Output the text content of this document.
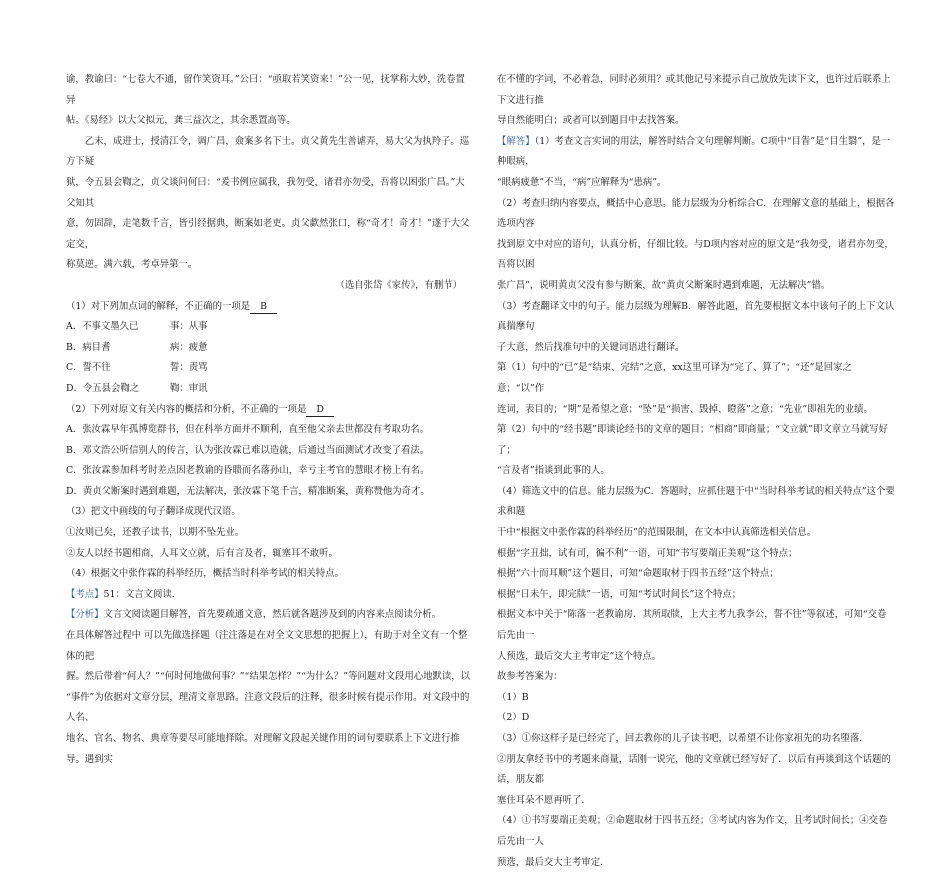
谕，教谕曰：“七卷大不通，留作笑资耳。”公曰：“亟取若笑资来！”公一见，抚掌称大妙，洗卷置异

帖。《易经》以大父拟元，龚三益次之，其余悉置高等。

乙未，成进士，授清江令，调广昌，僉案多名下士。贞父黄先生善谑弄，易大父为执羚子。巡方下疑

狱，令五县会鞫之，贞父谈问何曰：“爰书例应属我，我勿受，诸君亦勿受，吾将以困张广昌。”大父知其

意，勿固辞，走笔数千言，皆引经据典，断案如老吏。贞父歔然张口，称“奇才！奇才！”遂于大父定交，

称莫逆。满六载，考卓异第一。

（选自张岱《家传》，有删节）

（1）对下列加点词的解释，不正确的一项是 B

A．不事文墨久已	事：从事
B．病目耆	病：疲惫
C．誓不往	誓：责骂
D．令五县会鞫之	鞫：审讯

（2）下列对原文有关内容的概括和分析，不正确的一项是 D

A．张汝霖早年孤博览群书，但在科举方面并不顺利，直至他父亲去世都没有考取功名。

B．邓文浩公听信别人的传言，认为张汝霖已难以造就，后通过当面测试才改变了看法。

C．张汝霖参加科考时差点因老教谕的昏聩而名落孙山，幸亏主考官的慧眼才榜上有名。

D．黄贞父断案时遇到难题，无法解决，张汝霖下笔千言，精准断案，黄称赞他为奇才。

（3）把文中画线的句子翻译成现代汉语。

①汝则已矣，还教子读书，以期不坠先业。

②友人以经书题相商，人耳文立就，后有言及者，辄塞耳不敢听。

（4）根据文中张作霖的科举经历，概括当时科举考试的相关特点。

【考点】51：文言文阅读.

【分析】文言文阅读题目解答，首先要疏通文意，然后就各题涉及到的内容来点阅读分析。

在具体解答过程中 可以先做选择题（注注落是在对全文文思想的把握上），有助于对全文有一个整体的把

握。然后带着“何人？”“何时何地做何事？”“结果怎样？”“为什么？”等问题对文段用心地默读，以

“事件”为依据对文章分层，理清文章思路。注意文段后的注释，很多时候有提示作用。对文段中的人名、

地名、官名、物名、典章等要尽可能地择除。对理解文段起关键作用的词句要联系上下文进行推导。遇到实

在不懂的字词，不必着急，同时必须用？或其他记号来提示自己放放先读下文，也许过后联系上下文进行推

导自然能明白；或者可以到题目中去找答案。

【解答】（1）考查文言实词的用法，解答时结合文句理解判断。C项中“目眚”是“目生翳”，是一种眼病，

“眼病疲惫”不当，“病”应解释为“患病”。

（2）考查归纳内容要点，概括中心意思。能力层级为分析综合C．在理解文意的基础上，根据各选项内容

找到原文中对应的语句，认真分析，仔细比较。与D项内容对应的原文是“我勿受，诸君亦勿受，吾将以困

张广昌”，说明黄贞父没有参与断案，故“黄贞父断案时遇到难题，无法解决”错。

（3）考查翻译文中的句子。能力层级为理解B．解答此题，首先要根据文本中该句子的上下文认真揣摩句

子大意，然后找准句中的关键词语进行翻译。

第（1）句中的“已”是“结束、完结”之意，xx这里可译为“完了、算了”；“还”是回家之意；“以”作

连词，表目的；“期”是希望之意；“坠”是“损害、毁掉、瞪落”之意；“先业”即祖先的业绩。

第（2）句中的“经书题”即谈论经书的文章的题目；“相商”即商量；“文立就”即文章立马就写好了；

“言及者”指谈到此事的人。

（4）筛选文中的信息。能力层级为C．答题时，应抓住题干中“当时科举考试的相关特点”这个要求和题

干中“根据文中张作霖的科举经历”的范围限制，在文本中认真筛选相关信息。

根据“字丑拙，试有司，徧不利”一语，可知“书写要端正美观”这个特点；

根据“六十而耳顺”这个题目，可知“命题取材于四书五经”这个特点；

根据“日未午，即完牍”一语，可知“考试时间长”这个特点；

根据文本中关于“陈落一老教谕房．其所取牍，上大主考九我李公，誓不往”等叙述，可知“交卷后先由一

人预选，最后交大主考审定”这个特点。

故参考答案为：

（1）B

（2）D

（3）①你这样子是已经完了，回去教你的儿子读书吧，以希望不让你家祖先的功名堕落．

②朋友拿经书中的考题来商量，话刚一说完，他的文章就已经写好了．以后有再谈到这个话题的话，朋友都

塞住耳朵不愿再听了．

（4）①书写要端正美观；②命题取材于四书五经；③考试内容为作文，且考试时间长；④交卷后先由一人

预选，最后交大主考审定．
